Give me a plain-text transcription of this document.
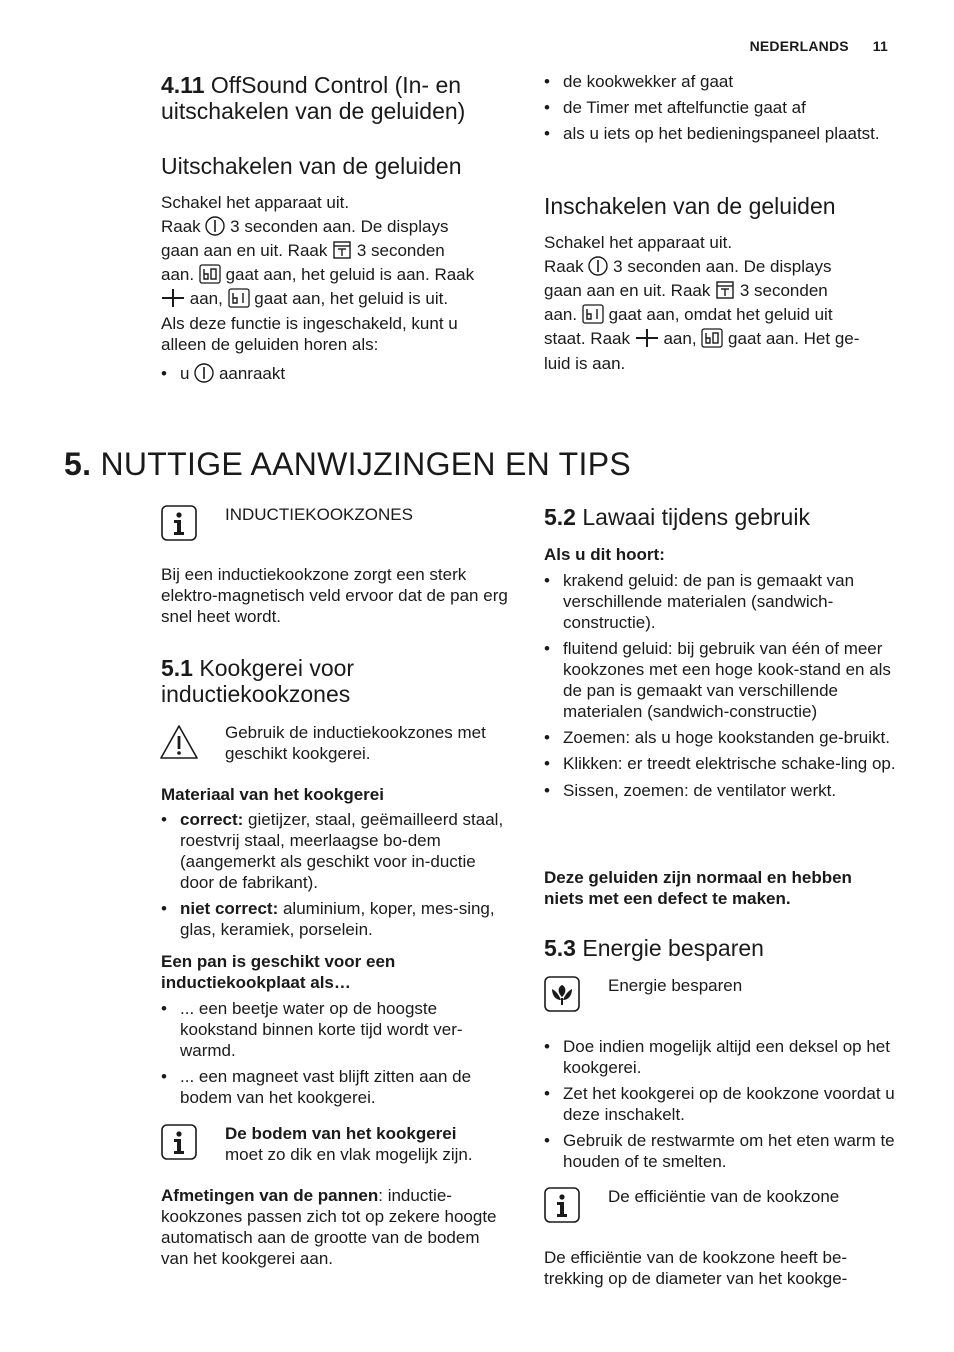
NEDERLANDS 11
4.11 OffSound Control (In- en uitschakelen van de geluiden)
Uitschakelen van de geluiden
Schakel het apparaat uit.
Raak 3 seconden aan. De displays
gaan aan en uit. Raak 3 seconden
aan. gaat aan, het geluid is aan. Raak
aan, gaat aan, het geluid is uit.
Als deze functie is ingeschakeld, kunt u
alleen de geluiden horen als:
• u aanraakt
• de kookwekker af gaat
• de Timer met aftelfunctie gaat af
• als u iets op het bedieningspaneel plaatst.
Inschakelen van de geluiden
Schakel het apparaat uit.
Raak 3 seconden aan. De displays
gaan aan en uit. Raak 3 seconden
aan. gaat aan, omdat het geluid uit
staat. Raak aan, gaat aan. Het ge-
luid is aan.
5. NUTTIGE AANWIJZINGEN EN TIPS
INDUCTIEKOOKZONES
Bij een inductiekookzone zorgt een sterk elektro-magnetisch veld ervoor dat de pan erg snel heet wordt.
5.1 Kookgerei voor inductiekookzones
Gebruik de inductiekookzones met geschikt kookgerei.
Materiaal van het kookgerei
• correct: gietijzer, staal, geëmailleerd staal, roestvrij staal, meerlaagse bo-dem (aangemerkt als geschikt voor in-ductie door de fabrikant).
• niet correct: aluminium, koper, mes-sing, glas, keramiek, porselein.
Een pan is geschikt voor een inductiekookplaat als…
• ... een beetje water op de hoogste kookstand binnen korte tijd wordt ver-warmd.
• ... een magneet vast blijft zitten aan de bodem van het kookgerei.
De bodem van het kookgerei
moet zo dik en vlak mogelijk zijn.
Afmetingen van de pannen: inductie-kookzones passen zich tot op zekere hoogte automatisch aan de grootte van de bodem van het kookgerei aan.
5.2 Lawaai tijdens gebruik
Als u dit hoort:
• krakend geluid: de pan is gemaakt van verschillende materialen (sandwich-constructie).
• fluitend geluid: bij gebruik van één of meer kookzones met een hoge kook-stand en als de pan is gemaakt van verschillende materialen (sandwich-constructie)
• Zoemen: als u hoge kookstanden ge-bruikt.
• Klikken: er treedt elektrische schake-ling op.
• Sissen, zoemen: de ventilator werkt.
Deze geluiden zijn normaal en hebben niets met een defect te maken.
5.3 Energie besparen
Energie besparen
• Doe indien mogelijk altijd een deksel op het kookgerei.
• Zet het kookgerei op de kookzone voordat u deze inschakelt.
• Gebruik de restwarmte om het eten warm te houden of te smelten.
De efficiëntie van de kookzone
De efficiëntie van de kookzone heeft be-trekking op de diameter van het kookge-
